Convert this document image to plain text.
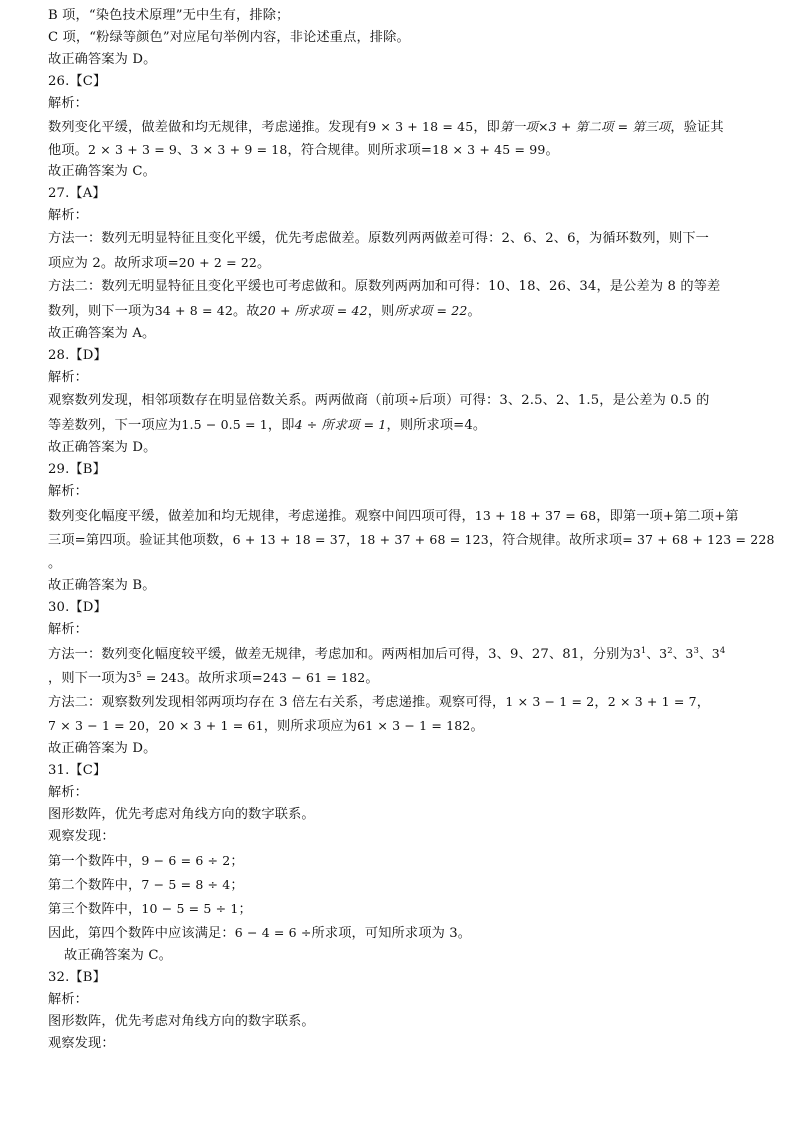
B 项，“染色技术原理”无中生有，排除；
C 项，“粉绿等颜色”对应尾句举例内容，非论述重点，排除。
故正确答案为 D。
26.【C】
解析：
数列变化平缓，做差做和均无规律，考虑递推。发现有9 × 3 + 18 = 45，即第一项×3 + 第二项 = 第三项，验证其
他项。2 × 3 + 3 = 9、3 × 3 + 9 = 18，符合规律。则所求项=18 × 3 + 45 = 99。
故正确答案为 C。
27.【A】
解析：
方法一：数列无明显特征且变化平缓，优先考虑做差。原数列两两做差可得：2、6、2、6，为循环数列，则下一
项应为 2。故所求项=20 + 2 = 22。
方法二：数列无明显特征且变化平缓也可考虑做和。原数列两两加和可得：10、18、26、34，是公差为 8 的等差
数列，则下一项为34 + 8 = 42。故20 + 所求项 = 42，则所求项 = 22。
故正确答案为 A。
28.【D】
解析：
观察数列发现，相邻项数存在明显倍数关系。两两做商（前项÷后项）可得：3、2.5、2、1.5，是公差为 0.5 的
等差数列，下一项应为1.5 − 0.5 = 1，即4 ÷ 所求项 = 1，则所求项=4。
故正确答案为 D。
29.【B】
解析：
数列变化幅度平缓，做差加和均无规律，考虑递推。观察中间四项可得，13 + 18 + 37 = 68，即第一项+第二项+第
三项=第四项。验证其他项数，6 + 13 + 18 = 37，18 + 37 + 68 = 123，符合规律。故所求项= 37 + 68 + 123 = 228
。
故正确答案为 B。
30.【D】
解析：
方法一：数列变化幅度较平缓，做差无规律，考虑加和。两两相加后可得，3、9、27、81，分别为$3^1$、$3^2$、$3^3$、$3^4$
，则下一项为$3^5 = 243$。故所求项=243 − 61 = 182。
方法二：观察数列发现相邻两项均存在 3 倍左右关系，考虑递推。观察可得，1 × 3 − 1 = 2，2 × 3 + 1 = 7，
7 × 3 − 1 = 20，20 × 3 + 1 = 61，则所求项应为61 × 3 − 1 = 182。
故正确答案为 D。
31.【C】
解析：
图形数阵，优先考虑对角线方向的数字联系。
观察发现：
第一个数阵中，9 − 6 = 6 ÷ 2；
第二个数阵中，7 − 5 = 8 ÷ 4；
第三个数阵中，10 − 5 = 5 ÷ 1；
因此，第四个数阵中应该满足：6 − 4 = 6 ÷所求项，可知所求项为 3。
故正确答案为 C。
32.【B】
解析：
图形数阵，优先考虑对角线方向的数字联系。
观察发现：
